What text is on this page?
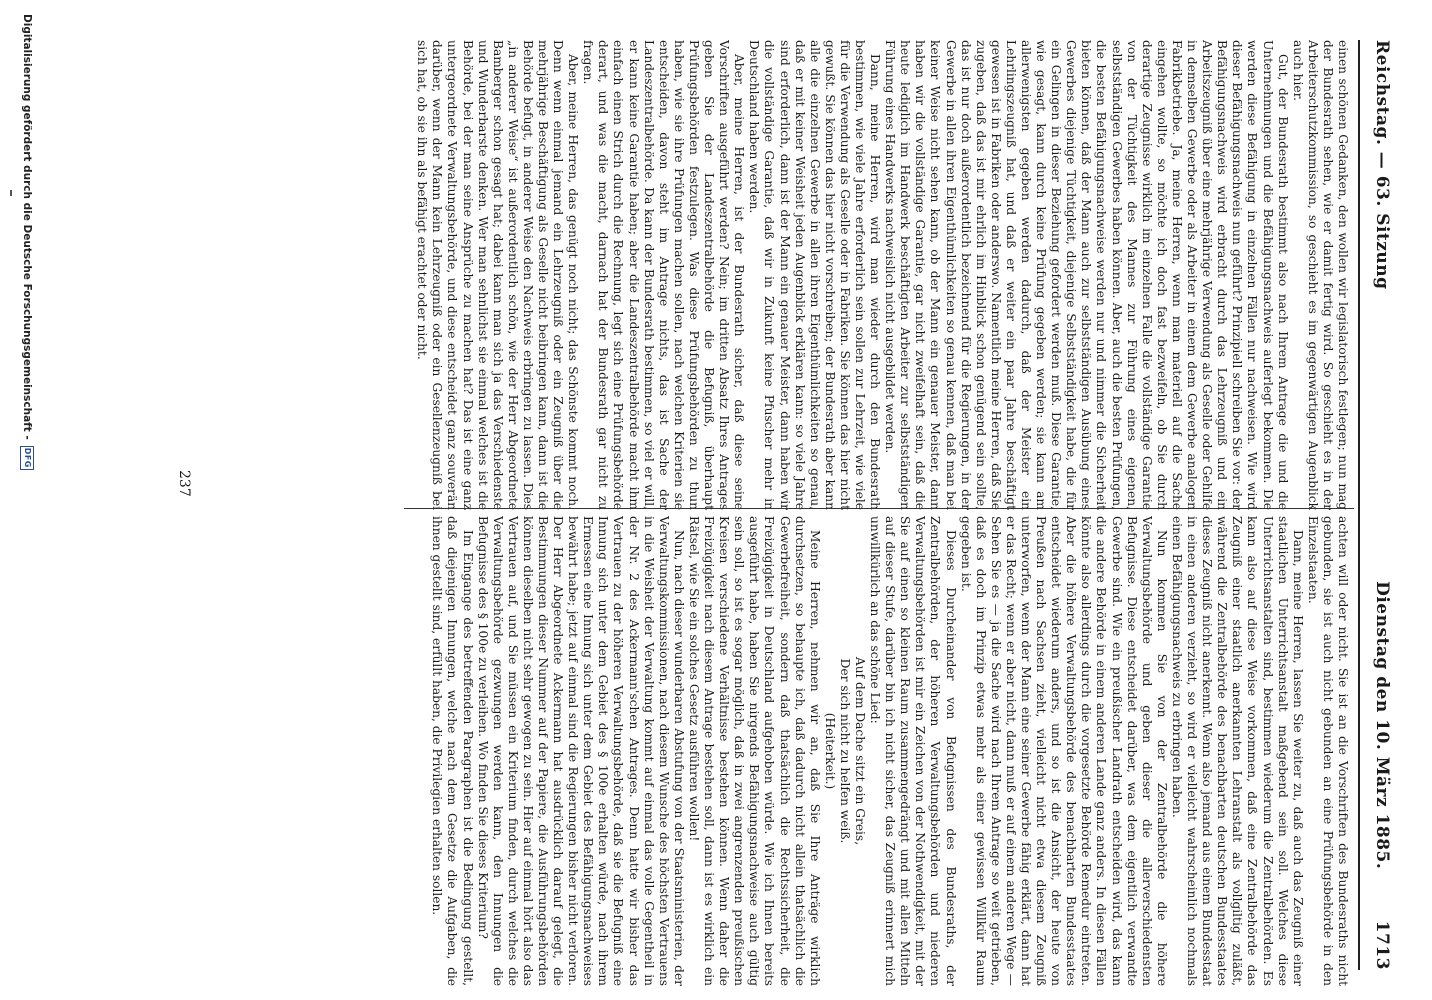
Reichstag. — 63. Sitzung
Dienstag den 10. März 1885.        1713

einen schönen Gedanken, den wollen wir legislatorisch festlegen; nun mag der Bundesrath sehen, wie er damit fertig wird. So geschieht es in der Arbeiterschutzkommission, so geschieht es im gegenwärtigen Augenblick auch hier.

Gut, der Bundesrath bestimmt also nach Ihrem Antrage die und die Unternehmungen und die Befähigungsnachweis auferlegt bekommen. Die werden diese Befähigung in einzelnen Fällen nur nachweisen. Wie wird dieser Befähigungsnachweis nun geführt? Prinzipiell schreiben Sie vor: der Befähigungsnachweis wird erbracht durch das Lehrzeugniß und ein Arbeitszeugniß über eine mehrjährige Verwendung als Geselle oder Gehilfe in demselben Gewerbe oder als Arbeiter in einem dem Gewerbe analogen Fabrikbetriebe. Ja, meine Herren, wenn man materiell auf die Sache eingehen wollte, so möchte ich doch fast bezweifeln, ob Sie durch derartige Zeugnisse wirklich im einzelnen Falle die vollständige Garantie von der Tüchtigkeit des Mannes zur Führung eines eigenen, selbstständigen Gewerbes haben können. Aber, auch die besten Prüfungen, die besten Befähigungsnachweise werden nur und nimmer die Sicherheit bieten können, daß der Mann auch zur selbstständigen Ausübung eines Gewerbes diejenige Tüchtigkeit, diejenige Selbstständigkeit habe, die für ein Gelingen in dieser Beziehung gefordert werden muß. Diese Garantie, wie gesagt, kann durch keine Prüfung gegeben werden; sie kann am allerwenigsten gegeben werden dadurch, daß der Meister ein Lehrlingszeugniß hat, und daß er weiter ein paar Jahre beschäftigt gewesen ist in Fabriken oder anderswo. Namentlich meine Herren, daß Sie zugeben, daß das ist mir ehrlich im Hinblick schon genügend sein sollte, das ist nur doch außerordentlich bezeichnend für die Regierungen, in der Gewerbe in allen ihren Eigenthümlichkeiten so genau kennen, daß man bei keiner Weise nicht sehen kann, ob der Mann ein genauer Meister, dann haben wir die vollständige Garantie, gar nicht zweifelhaft sein, daß die heute lediglich im Handwerk beschäftigten Arbeiter zur selbstständigen Führung eines Handwerks nachweislich nicht ausgebildet werden.

Dann, meine Herren, wird man wieder durch den Bundesrath bestimmen, wie viele Jahre erforderlich sein sollen zur Lehrzeit, wie viele für die Verwendung als Geselle oder in Fabriken. Sie können das hier nicht gewußt. Sie können das hier nicht vorschreiben; der Bundesrath aber kann alle die einzelnen Gewerbe in allen ihren Eigenthümlichkeiten so genau, daß er mit keiner Weisheit jeden Augenblick erklären kann: so viele Jahre sind erforderlich, dann ist der Mann ein genauer Meister, dann haben wir die vollständige Garantie, daß wir in Zukunft keine Pfuscher mehr in Deutschland haben werden.

Aber, meine Herren, ist der Bundesrath sicher, daß diese seine Vorschriften ausgeführt werden? Nein; im dritten Absatz Ihres Antrages geben Sie der Landeszentralbehörde die Befugniß, überhaupt Prüfungsbehörden festzulegen. Was diese Prüfungsbehörden zu thun haben, wie sie ihre Prüfungen machen sollen, nach welchen Kriterien sie entscheiden, davon steht im Antrage nichts, das ist Sache der Landeszentralbehörde. Da kann der Bundesrath bestimmen, so viel er will, er kann keine Garantie haben; aber die Landeszentralbehörde macht ihm einfach einen Strich durch die Rechnung, legt sich eine Prüfungsbehörde derart, und was die macht, darnach hat der Bundesrath gar nicht zu fragen.

Aber, meine Herren, das genügt noch nicht; das Schönste kommt noch. Denn wenn einmal jemand ein Lehrzeugniß oder ein Zeugniß über die mehrjährige Beschäftigung als Geselle nicht beibringen kann, dann ist die Behörde befugt, in anderer Weise den Nachweis erbringen zu lassen. Dies „in anderer Weise“ ist außerordentlich schön, wie der Herr Abgeordnete Bamberger schon gesagt hat; dabei kann man sich ja das Verschiedenste und Wunderbarste denken. Wer man sehnlichst sie einmal welches ist die Behörde, bei der man seine Ansprüche zu machen hat? Das ist eine ganz untergeordnete Verwaltungsbehörde, und diese entscheidet ganz souverän darüber, wenn der Mann kein Lehrzeugniß oder ein Gesellenzeugniß bei sich hat, ob sie ihn als befähigt erachtet oder nicht.

achten will oder nicht. Sie ist an die Vorschriften des Bundesraths nicht gebunden, sie ist auch nicht gebunden an eine Prüfungsbehörde in den Einzelstaaten.

Dann, meine Herren, lassen Sie weiter zu, daß auch das Zeugniß einer staatlichen Unterrichtsanstalt maßgebend sein soll. Welches diese Unterrichtsanstalten sind, bestimmen wiederum die Zentralbehörden. Es kann also auf diese Weise vorkommen, daß eine Zentralbehörde das Zeugniß einer staatlich anerkannten Lehranstalt als vollgiltig zuläßt, während die Zentralbehörde des benachbarten deutschen Bundesstaates dieses Zeugniß nicht anerkennt. Wenn also jemand aus einem Bundesstaat in einen anderen verzieht, so wird er vielleicht wahrscheinlich nochmals einen Befähigungsnachweis zu erbringen haben.

Nun kommen Sie von der Zentralbehörde die höhere Verwaltungsbehörde und geben dieser die allerverschiedensten Befugnisse. Diese entscheidet darüber, was dem eigentlich verwandte Gewerbe sind. Wie ein preußischer Landrath entscheiden wird, das kann die andere Behörde in einem anderen Lande ganz anders. In diesen Fällen könnte also allerdings durch die vorgesetzte Behörde Remedur eintreten. Aber die höhere Verwaltungsbehörde des benachbarten Bundesstaates entscheidet wiederum anders, und so ist die Ansicht, der heute von Preußen nach Sachsen zieht, vielleicht nicht etwa diesem Zeugniß unterworfen, wenn der Mann eine seiner Gewerbe fähig erklärt, dann hat er das Recht; wenn er aber nicht, dann muß er auf einem anderen Wege — Sehen Sie es — ja die Sache wird nach Ihrem Antrage so weit getrieben, daß es doch im Prinzip etwas mehr als einer gewissen Willkür Raum gegeben ist.

Dieses Durcheinander von Befugnissen des Bundesraths, der Zentralbehörden, der höheren Verwaltungsbehörden und niederen Verwaltungsbehörden ist mir ein Zeichen von der Nothwendigkeit, mit der Sie auf einen so kleinen Raum zusammengedrängt und mit allen Mitteln auf dieser Stufe, darüber bin ich nicht sicher, das Zeugniß erinnert mich unwillkürlich an das schöne Lied:

Auf dem Dache sitzt ein Greis,

Der sich nicht zu helfen weiß.

(Heiterkeit.)

Meine Herren, nehmen wir an, daß Sie Ihre Anträge wirklich durchsetzen, so behaupte ich, daß dadurch nicht allein thatsächlich die Gewerbefreiheit, sondern daß thatsächlich die Rechtssicherheit, die Freizügigkeit in Deutschland aufgehoben würde. Wie ich Ihnen bereits ausgeführt habe, haben Sie nirgends Befähigungsnachweise auch gültig sein soll, so ist es sogar möglich, daß in zwei angrenzenden preußischen Kreisen verschiedene Verhältnisse bestehen können. Wenn daher die Freizügigkeit nach diesem Antrage bestehen soll, dann ist es wirklich ein Rätsel, wie Sie ein solches Gesetz ausführen wollen!

Nun, nach dieser wunderbaren Abstufung von der Staatsministerien, der Verwaltungskommissionen, nach diesem Wunsche des höchsten Vertrauens in die Weisheit der Verwaltung kommt auf einmal das volle Gegentheil in der Nr. 2 des Ackermann'schen Antrages. Denn hatte wir bisher das Vertrauen zu der höheren Verwaltungsbehörde, daß sie die Befugniß eine Innung sich unter dem Gebiet des § 100e erhalten würde, nach ihrem Ermessen eine Innung sich unter dem Gebiet des Befähigungsnachweises bewährt habe; jetzt auf einmal sind die Regierungen bisher nicht verloren. Der Herr Abgeordnete Ackermann hat ausdrücklich darauf gelegt, die Bestimmungen dieser Nummer auf der Papiere, die Ausführungsbehörden können dieselben nicht sehr gewogen zu sein. Hier auf einmal hört also das Vertrauen auf, und Sie müssen ein Kriterium finden, durch welches die Verwaltungsbehörde gezwungen werden kann, den Innungen die Befugnisse des § 100e zu verleihen. Wo finden Sie dieses Kriterium?

Im Eingange des betreffenden Paragraphen ist die Bedingung gestellt, daß diejenigen Innungen, welche nach dem Gesetze die Aufgaben, die ihnen gestellt sind, erfüllt haben, die Privilegien erhalten sollen.

237
Digitalisierung gefördert durch die Deutsche Forschungsgemeinschaft -
DFG
